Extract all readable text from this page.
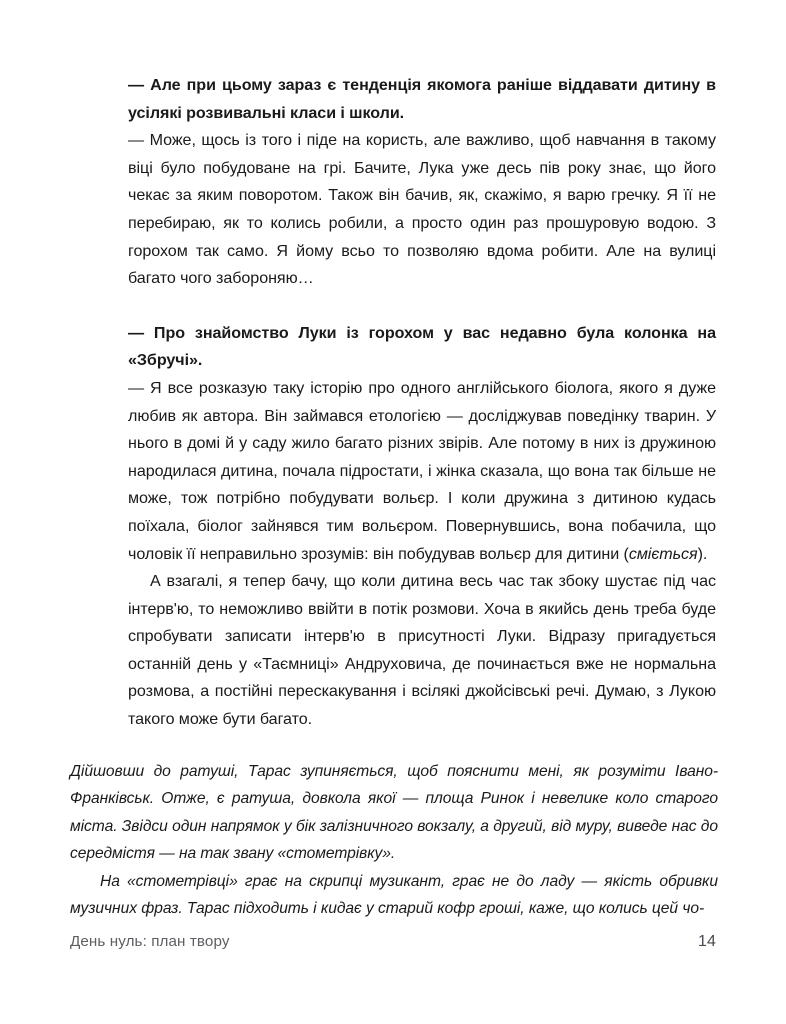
— Але при цьому зараз є тенденція якомога раніше віддавати дитину в усілякі розвивальні класи і школи.

— Може, щось із того і піде на користь, але важливо, щоб навчання в такому віці було побудоване на грі. Бачите, Лука уже десь пів року знає, що його чекає за яким поворотом. Також він бачив, як, скажімо, я варю гречку. Я її не перебираю, як то колись робили, а просто один раз прошуровую водою. З горохом так само. Я йому всьо то позволяю вдома робити. Але на вулиці багато чого забороняю…

— Про знайомство Луки із горохом у вас недавно була колонка на «Збручі».

— Я все розказую таку історію про одного англійського біолога, якого я дуже любив як автора. Він займався етологією — досліджував поведінку тварин. У нього в домі й у саду жило багато різних звірів. Але потому в них із дружиною народилася дитина, почала підростати, і жінка сказала, що вона так більше не може, тож потрібно побудувати вольєр. І коли дружина з дитиною кудась поїхала, біолог зайнявся тим вольєром. Повернувшись, вона побачила, що чоловік її неправильно зрозумів: він побудував вольєр для дитини (сміється).

А взагалі, я тепер бачу, що коли дитина весь час так збоку шустає під час інтерв'ю, то неможливо ввійти в потік розмови. Хоча в якийсь день треба буде спробувати записати інтерв'ю в присутності Луки. Відразу пригадується останній день у «Таємниці» Андруховича, де починається вже не нормальна розмова, а постійні перескакування і всілякі джойсівські речі. Думаю, з Лукою такого може бути багато.

Дійшовши до ратуші, Тарас зупиняється, щоб пояснити мені, як розуміти Івано-Франківськ. Отже, є ратуша, довкола якої — площа Ринок і невелике коло старого міста. Звідси один напрямок у бік залізничного вокзалу, а другий, від муру, виведе нас до середмістя — на так звану «стометрівку».

На «стометрівці» грає на скрипці музикант, грає не до ладу — якість обривки музичних фраз. Тарас підходить і кидає у старий кофр гроші, каже, що колись цей чо-

День нуль: план твору	14
